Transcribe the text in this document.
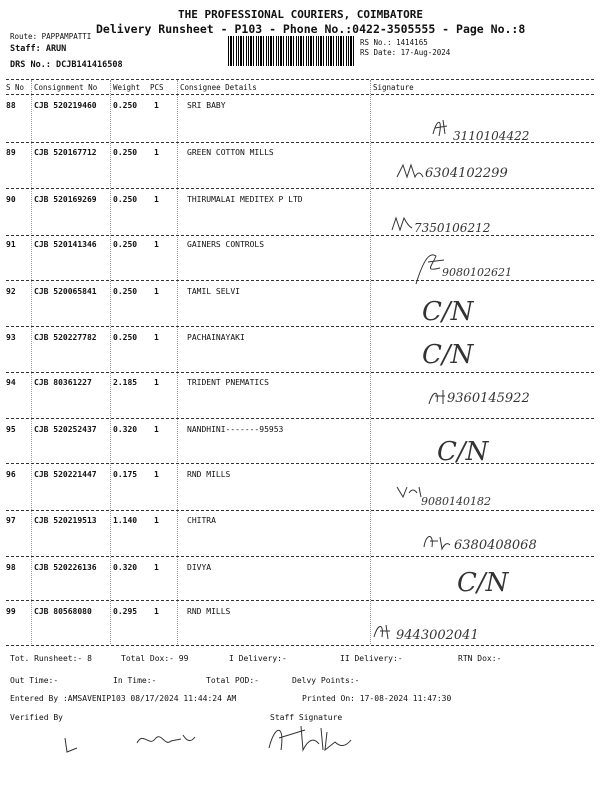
THE PROFESSIONAL COURIERS, COIMBATORE
Delivery Runsheet - P103 - Phone No.:0422-3505555 - Page No.:8
Route: PAPPAMPATTI
Staff: ARUN
DRS No.: DCJB141416508
RS No.: 1414165
RS Date: 17-Aug-2024
S No Consignment No Weight PCS Consignee Details	Signature
88 CJB 520219460 0.250 1	SRI BABY
3110104422
89 CJB 520167712 0.250 1	GREEN COTTON MILLS
6304102299
90 CJB 520169269 0.250 1	THIRUMALAI MEDITEX P LTD
7350106212
91 CJB 520141346 0.250 1	GAINERS CONTROLS
9080102621
92 CJB 520065841 0.250 1	TAMIL SELVI
C/N
93 CJB 520227782 0.250 1	PACHAINAYAKI
C/N
94 CJB 80361227	2.185 1	TRIDENT PNEMATICS
9360145922
95 CJB 520252437 0.320 1	NANDHINI-------95953
C/N
96 CJB 520221447 0.175 1	RND MILLS
9080140182
97 CJB 520219513 1.140 1	CHITRA
6380408068
98 CJB 520226136 0.320 1	DIVYA
C/N
99 CJB 80568080	0.295 1	RND MILLS
9443002041
Tot. Runsheet:- 8	Total Dox:- 99	I Delivery:-	II Delivery:-	RTN Dox:-
Out Time:-	In Time:-	Total POD:-	Delvy Points:-
Entered By :AMSAVENIP103 08/17/2024 11:44:24 AM	Printed On: 17-08-2024 11:47:30
Verified By	Staff Signature
